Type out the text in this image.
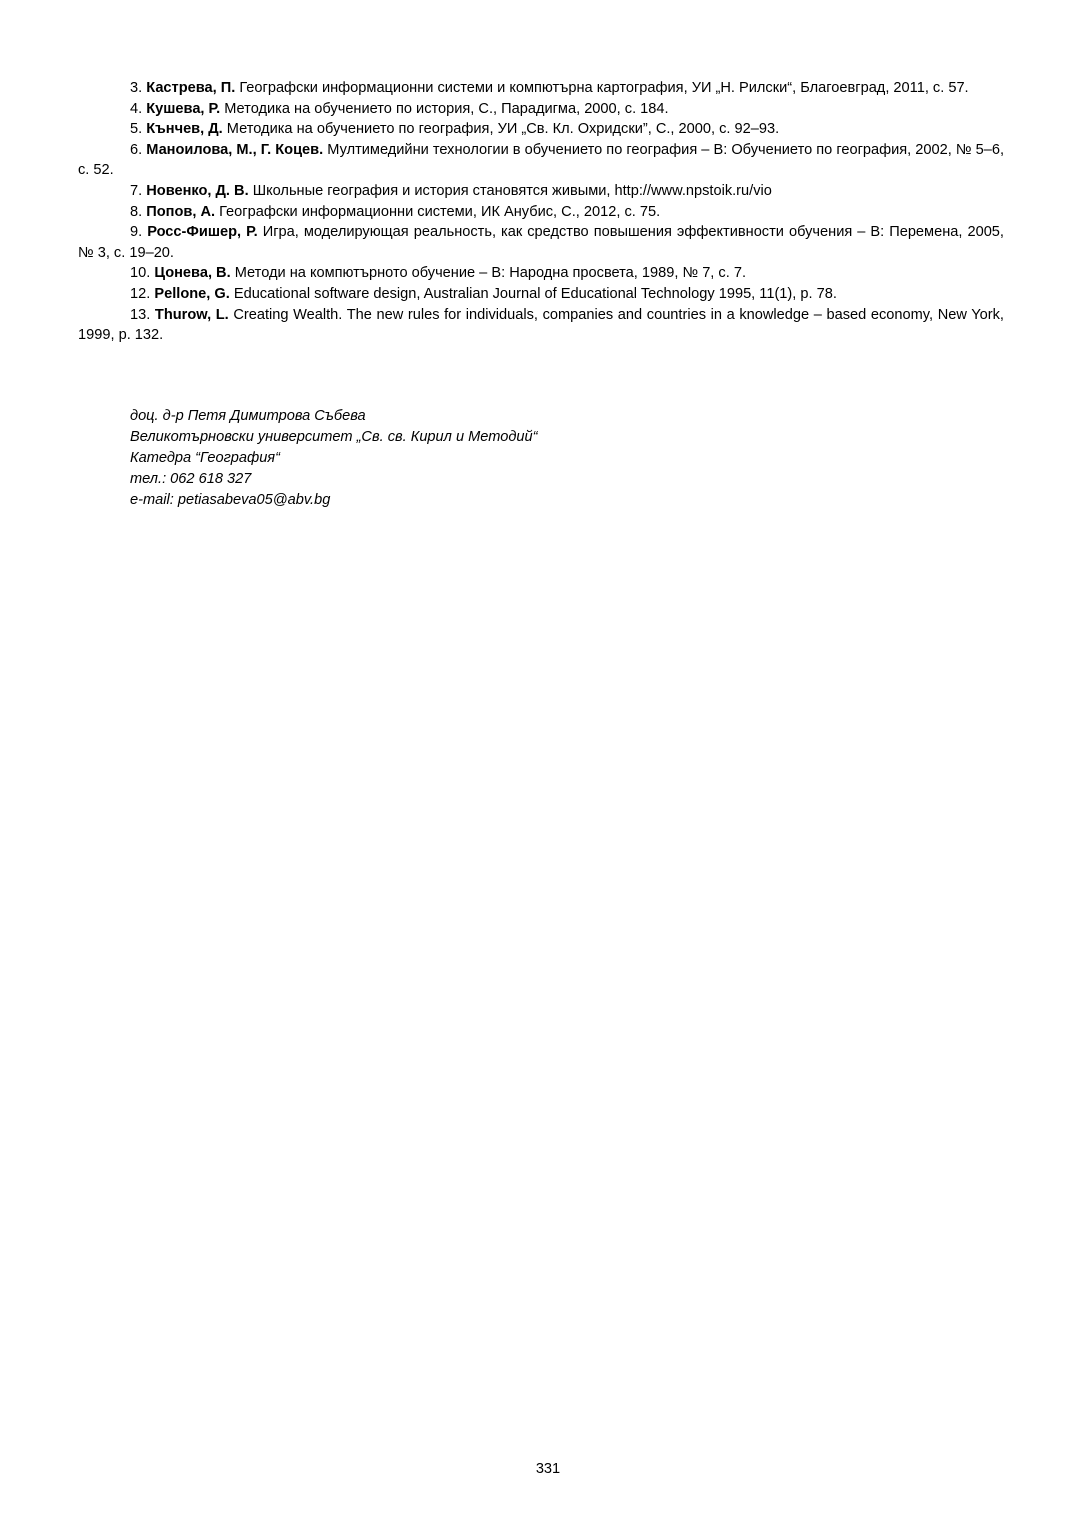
3. Кастрева, П. Географски информационни системи и компютърна картография, УИ „Н. Рилски“, Благоевград, 2011, с. 57.

4. Кушева, Р. Методика на обучението по история, С., Парадигма, 2000, с. 184.

5. Кънчев, Д. Методика на обучението по география, УИ „Св. Кл. Охридски”, С., 2000, с. 92–93.

6. Маноилова, М., Г. Коцев. Мултимедийни технологии в обучението по география – В: Обучението по география, 2002, № 5–6, с. 52.

7. Новенко, Д. В. Школьные география и история становятся живыми, http://www.npstoik.ru/vio

8. Попов, А. Географски информационни системи, ИК Анубис, С., 2012, с. 75.

9. Росс-Фишер, Р. Игра, моделирующая реальность, как средство повышения эффективности обучения – В: Перемена, 2005, № 3, с. 19–20.

10. Цонева, В. Методи на компютърното обучение – В: Народна просвета, 1989, № 7, с. 7.

12. Pellone, G. Educational software design, Australian Journal of Educational Technology 1995, 11(1), p. 78.

13. Thurow, L. Creating Wealth. The new rules for individuals, companies and countries in a knowledge – based economy, New York, 1999, p. 132.

доц. д-р Петя Димитрова Събева
Великотърновски университет „Св. св. Кирил и Методий“
Катедра “География“
тел.: 062 618 327
e-mail: petiasabeva05@abv.bg
331
